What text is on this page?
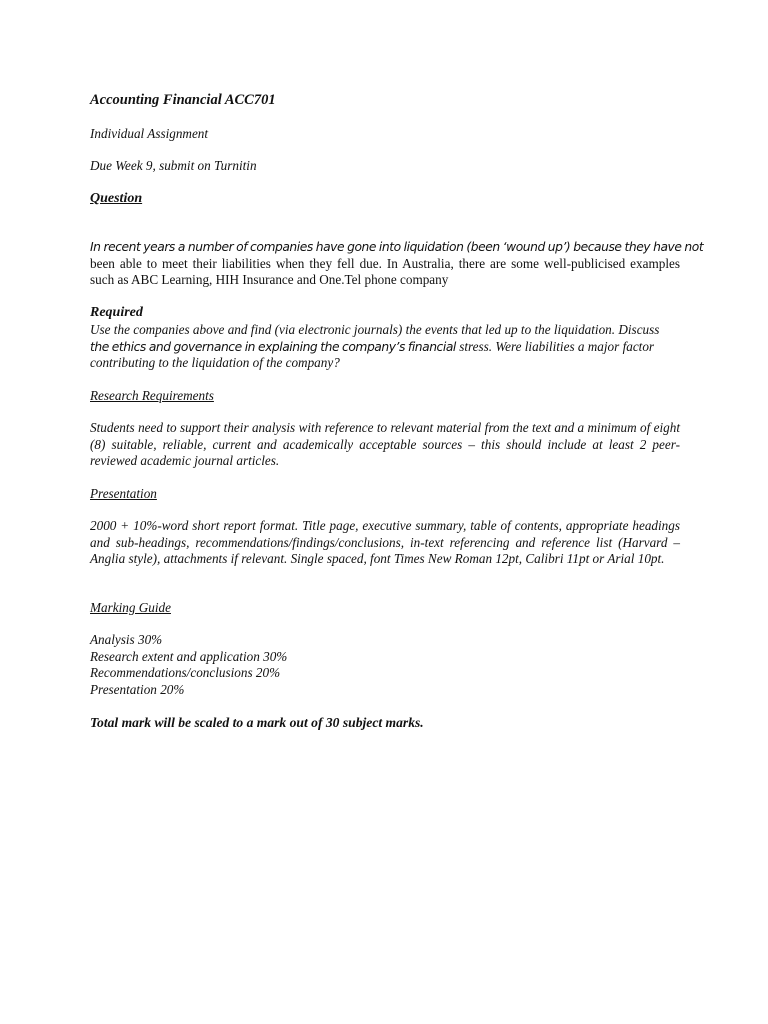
Accounting Financial ACC701

Individual Assignment

Due Week 9, submit on Turnitin

Question

In recent years a number of companies have gone into liquidation (been ‘wound up’) because they have not
been able to meet their liabilities when they fell due. In Australia, there are some well-publicised examples such as ABC Learning, HIH Insurance and One.Tel phone company

Required

Use the companies above and find (via electronic journals) the events that led up to the liquidation. Discuss
the ethics and governance in explaining the company’s financial stress. Were liabilities a major factor
contributing to the liquidation of the company?

Research Requirements

Students need to support their analysis with reference to relevant material from the text and a minimum of eight (8) suitable, reliable, current and academically acceptable sources – this should include at least 2 peer-reviewed academic journal articles.

Presentation

2000 + 10%-word short report format. Title page, executive summary, table of contents, appropriate headings and sub-headings, recommendations/findings/conclusions, in-text referencing and reference list (Harvard – Anglia style), attachments if relevant. Single spaced, font Times New Roman 12pt, Calibri 11pt or Arial 10pt.

Marking Guide

Analysis 30%

Research extent and application 30%

Recommendations/conclusions 20%

Presentation 20%

Total mark will be scaled to a mark out of 30 subject marks.
